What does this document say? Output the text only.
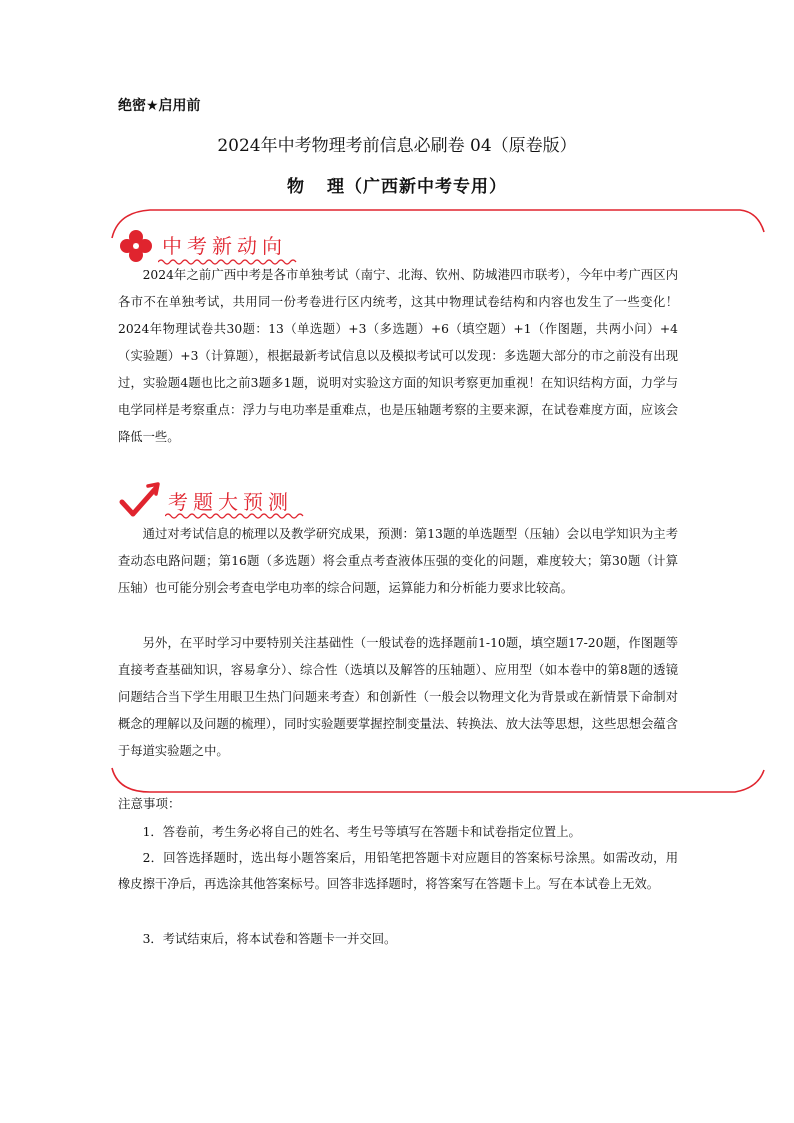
绝密★启用前
2024年中考物理考前信息必刷卷 04（原卷版）
物 理（广西新中考专用）
中考新动向
2024年之前广西中考是各市单独考试（南宁、北海、钦州、防城港四市联考），今年中考广西区内各市不在单独考试，共用同一份考卷进行区内统考，这其中物理试卷结构和内容也发生了一些变化！2024年物理试卷共30题：13（单选题）+3（多选题）+6（填空题）+1（作图题，共两小问）+4（实验题）+3（计算题），根据最新考试信息以及模拟考试可以发现：多选题大部分的市之前没有出现过，实验题4题也比之前3题多1题，说明对实验这方面的知识考察更加重视！在知识结构方面，力学与电学同样是考察重点：浮力与电功率是重难点，也是压轴题考察的主要来源，在试卷难度方面，应该会降低一些。
考题大预测
通过对考试信息的梳理以及教学研究成果，预测：第13题的单选题型（压轴）会以电学知识为主考查动态电路问题；第16题（多选题）将会重点考查液体压强的变化的问题，难度较大；第30题（计算压轴）也可能分别会考查电学电功率的综合问题，运算能力和分析能力要求比较高。
另外，在平时学习中要特别关注基础性（一般试卷的选择题前1-10题，填空题17-20题，作图题等直接考查基础知识，容易拿分）、综合性（选填以及解答的压轴题）、应用型（如本卷中的第8题的透镜问题结合当下学生用眼卫生热门问题来考查）和创新性（一般会以物理文化为背景或在新情景下命制对概念的理解以及问题的梳理），同时实验题要掌握控制变量法、转换法、放大法等思想，这些思想会蕴含于每道实验题之中。
注意事项：
1．答卷前，考生务必将自己的姓名、考生号等填写在答题卡和试卷指定位置上。
2．回答选择题时，选出每小题答案后，用铅笔把答题卡对应题目的答案标号涂黑。如需改动，用橡皮擦干净后，再选涂其他答案标号。回答非选择题时，将答案写在答题卡上。写在本试卷上无效。
3．考试结束后，将本试卷和答题卡一并交回。
